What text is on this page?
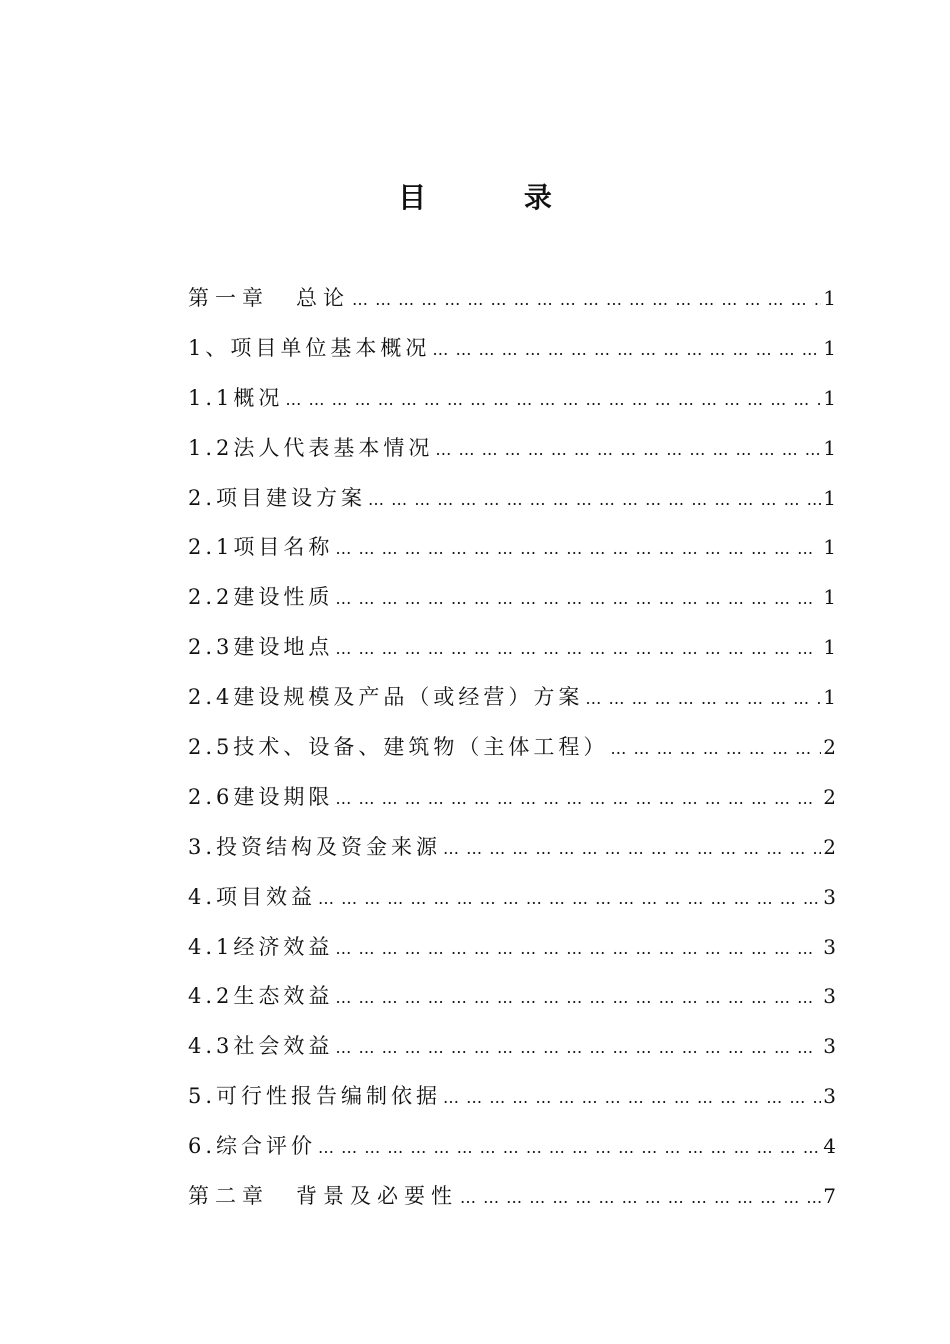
目 录
第一章　总论 … … … … … … … … … … … … … … … … … … … … … … … … … … … … … … … … … … … … … … … …	1
1、项目单位基本概况 … … … … … … … … … … … … … … … … … … … … … … … … … … … … … … … … … … … … … … … …	1
1.1概况 … … … … … … … … … … … … … … … … … … … … … … … … … … … … … … … … … … … … … … … …	1
1.2法人代表基本情况 … … … … … … … … … … … … … … … … … … … … … … … … … … … … … … … … … … … … … … … …	1
2.项目建设方案 … … … … … … … … … … … … … … … … … … … … … … … … … … … … … … … … … … … … … … … …	1
2.1项目名称 … … … … … … … … … … … … … … … … … … … … … … … … … … … … … … … … … … … … … … … …	1
2.2建设性质 … … … … … … … … … … … … … … … … … … … … … … … … … … … … … … … … … … … … … … … …	1
2.3建设地点 … … … … … … … … … … … … … … … … … … … … … … … … … … … … … … … … … … … … … … … …	1
2.4建设规模及产品（或经营）方案 … … … … … … … … … … … … … … … … … … … … … … … … … … … … … … … … … … … … … … … …	1
2.5技术、设备、建筑物（主体工程） … … … … … … … … … … … … … … … … … … … … … … … … … … … … … … … … … … … … … … … …	2
2.6建设期限 … … … … … … … … … … … … … … … … … … … … … … … … … … … … … … … … … … … … … … … …	2
3.投资结构及资金来源 … … … … … … … … … … … … … … … … … … … … … … … … … … … … … … … … … … … … … … … …	2
4.项目效益 … … … … … … … … … … … … … … … … … … … … … … … … … … … … … … … … … … … … … … … …	3
4.1经济效益 … … … … … … … … … … … … … … … … … … … … … … … … … … … … … … … … … … … … … … … …	3
4.2生态效益 … … … … … … … … … … … … … … … … … … … … … … … … … … … … … … … … … … … … … … … …	3
4.3社会效益 … … … … … … … … … … … … … … … … … … … … … … … … … … … … … … … … … … … … … … … …	3
5.可行性报告编制依据 … … … … … … … … … … … … … … … … … … … … … … … … … … … … … … … … … … … … … … … …	3
6.综合评价 … … … … … … … … … … … … … … … … … … … … … … … … … … … … … … … … … … … … … … … …	4
第二章　背景及必要性 … … … … … … … … … … … … … … … … … … … … … … … … … … … … … … … … … … … … … … … …	7
